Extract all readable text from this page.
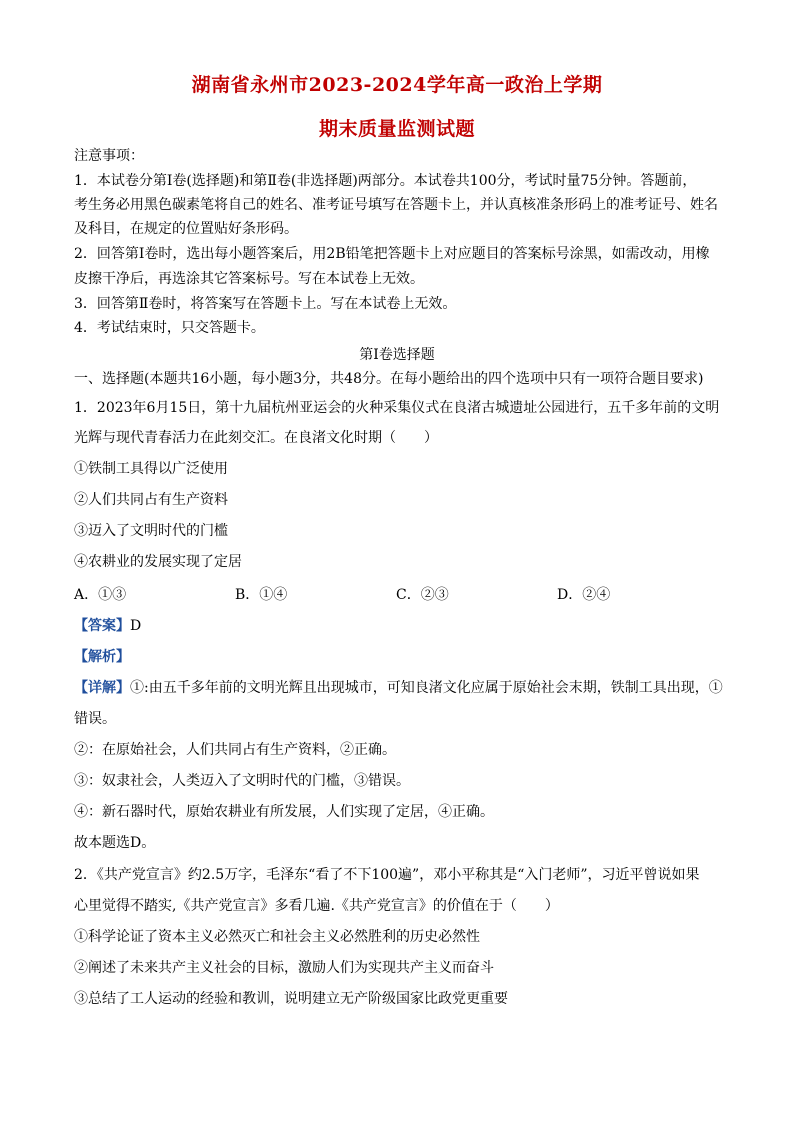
湖南省永州市2023-2024学年高一政治上学期
期末质量监测试题
注意事项：
1．本试卷分第Ⅰ卷(选择题)和第Ⅱ卷(非选择题)两部分。本试卷共100分，考试时量75分钟。答题前，
考生务必用黑色碳素笔将自己的姓名、准考证号填写在答题卡上，并认真核准条形码上的准考证号、姓名
及科目，在规定的位置贴好条形码。
2．回答第Ⅰ卷时，选出每小题答案后，用2B铅笔把答题卡上对应题目的答案标号涂黑，如需改动，用橡
皮擦干净后，再选涂其它答案标号。写在本试卷上无效。
3．回答第Ⅱ卷时，将答案写在答题卡上。写在本试卷上无效。
4．考试结束时，只交答题卡。
第Ⅰ卷选择题
一、选择题(本题共16小题，每小题3分，共48分。在每小题给出的四个选项中只有一项符合题目要求)
1．2023年6月15日，第十九届杭州亚运会的火种采集仪式在良渚古城遗址公园进行，五千多年前的文明
光辉与现代青春活力在此刻交汇。在良渚文化时期（　　）
①铁制工具得以广泛使用
②人们共同占有生产资料
③迈入了文明时代的门槛
④农耕业的发展实现了定居
A．①③	B．①④	C．②③	D．②④
【答案】D
【解析】
【详解】①:由五千多年前的文明光辉且出现城市，可知良渚文化应属于原始社会末期，铁制工具出现，①
错误。
②：在原始社会，人们共同占有生产资料，②正确。
③：奴隶社会，人类迈入了文明时代的门槛，③错误。
④：新石器时代，原始农耕业有所发展，人们实现了定居，④正确。
故本题选D。
2．《共产党宣言》约2.5万字，毛泽东“看了不下100遍”，邓小平称其是“入门老师”，习近平曾说如果
心里觉得不踏实,《共产党宣言》多看几遍.《共产党宣言》的价值在于（　　）
①科学论证了资本主义必然灭亡和社会主义必然胜利的历史必然性
②阐述了未来共产主义社会的目标，激励人们为实现共产主义而奋斗
③总结了工人运动的经验和教训，说明建立无产阶级国家比政党更重要
